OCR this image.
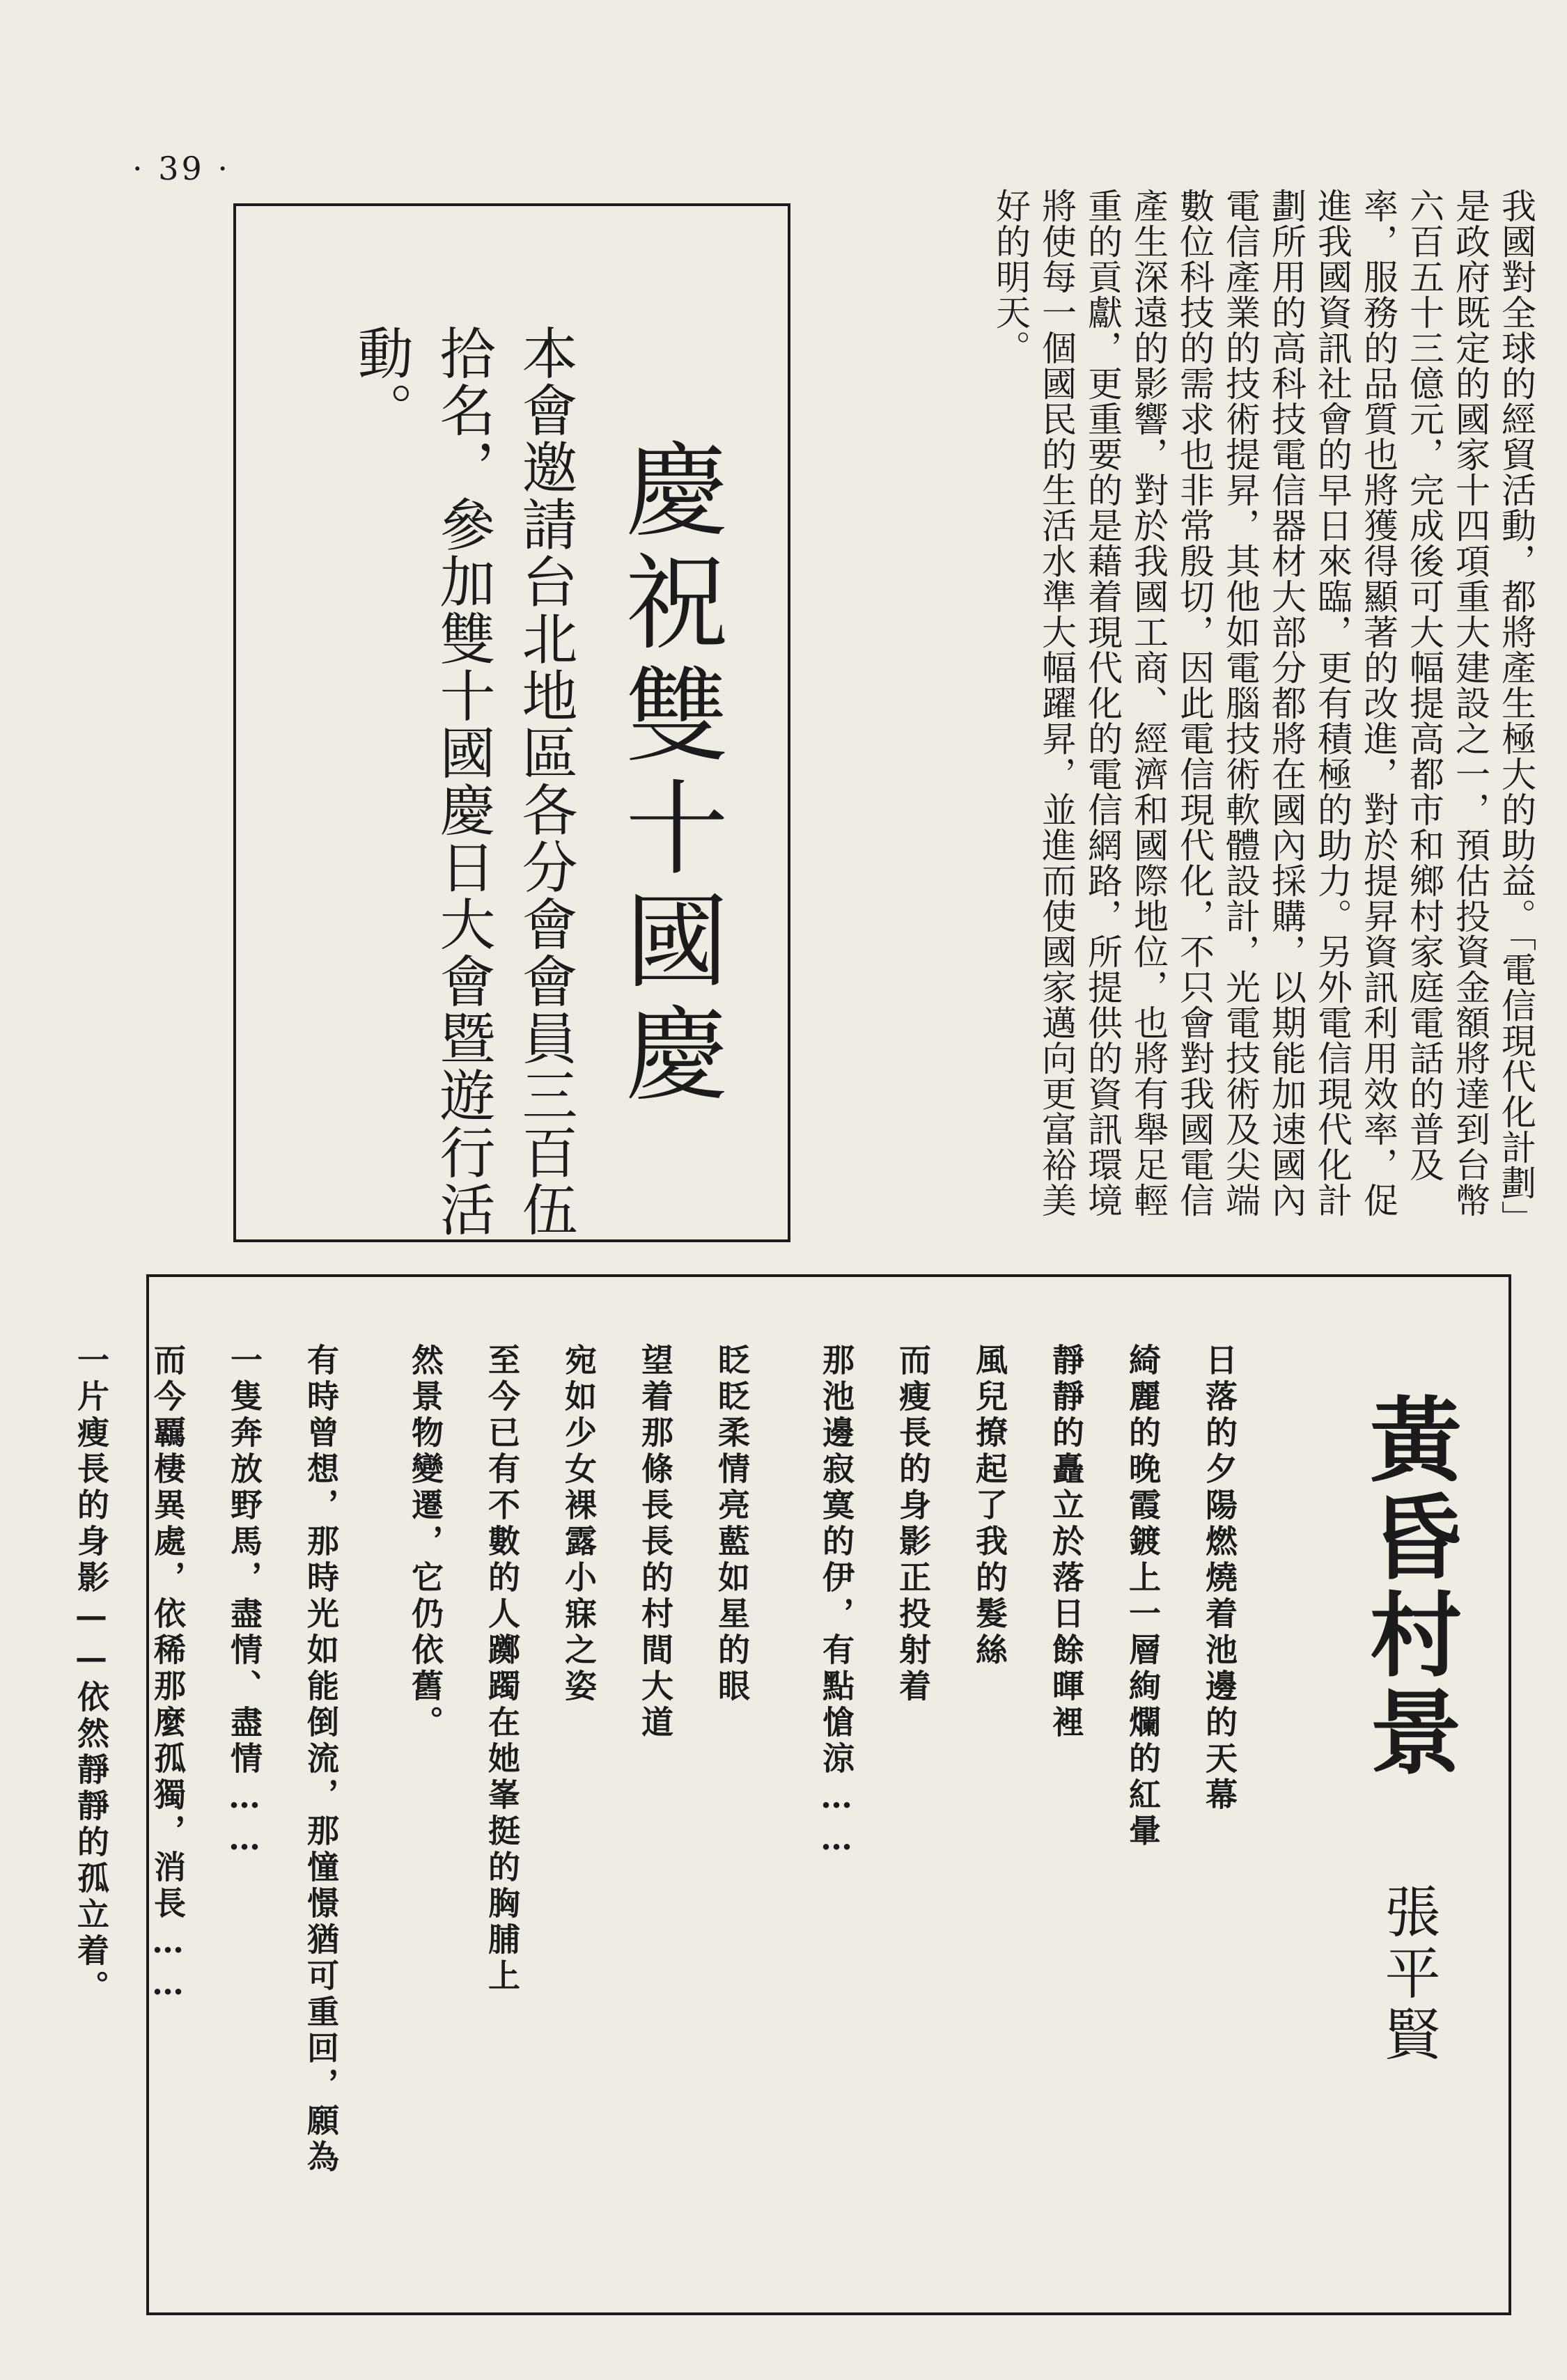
· 39 ·
我國對全球的經貿活動，都將產生極大的助益。「電信現代化計劃」是政府既定的國家十四項重大建設之一，預估投資金額將達到台幣六百五十三億元，完成後可大幅提高都市和鄉村家庭電話的普及率，服務的品質也將獲得顯著的改進，對於提昇資訊利用效率，促進我國資訊社會的早日來臨，更有積極的助力。另外電信現代化計劃所用的高科技電信器材大部分都將在國內採購，以期能加速國內電信產業的技術提昇，其他如電腦技術軟體設計，光電技術及尖端數位科技的需求也非常殷切，因此電信現代化，不只會對我國電信產生深遠的影響，對於我國工商、經濟和國際地位，也將有舉足輕重的貢獻，更重要的是藉着現代化的電信網路，所提供的資訊環境將使每一個國民的生活水準大幅躍昇，並進而使國家邁向更富裕美好的明天。
慶祝雙十國慶
本會邀請台北地區各分會會員三百伍拾名，參加雙十國慶日大會暨遊行活動。
黃昏村景
張平賢
日落的夕陽燃燒着池邊的天幕
綺麗的晚霞鍍上一層絢爛的紅暈
靜靜的矗立於落日餘暉裡
風兒撩起了我的髮絲
而瘦長的身影正投射着
那池邊寂寞的伊，有點愴涼……
眨眨柔情亮藍如星的眼
望着那條長長的村間大道
宛如少女裸露小寐之姿
至今已有不數的人躑躅在她峯挺的胸脯上
然景物變遷，它仍依舊。
有時曾想，那時光如能倒流，那憧憬猶可重回，願為
一隻奔放野馬，盡情、盡情……
而今覊棲異處，依稀那麼孤獨，消長……
一片瘦長的身影——依然靜靜的孤立着。
